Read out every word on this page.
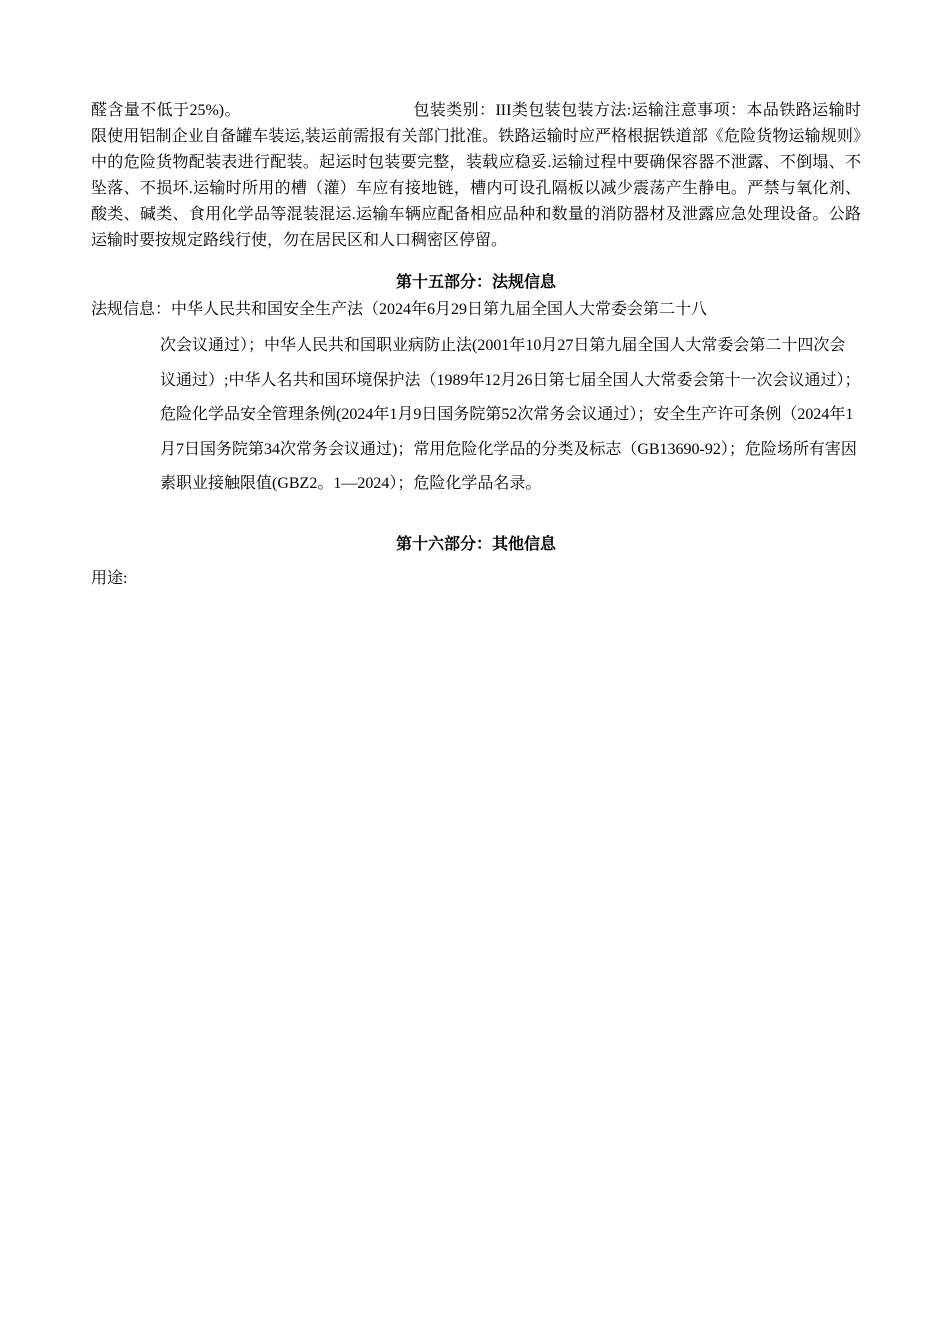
醛含量不低于25%)。	包装类别：III类包装包装方法:运输注意事项：本品铁路运输时限使用铝制企业自备罐车装运,装运前需报有关部门批准。铁路运输时应严格根据铁道部《危险货物运输规则》中的危险货物配装表进行配装。起运时包装要完整，装载应稳妥.运输过程中要确保容器不泄露、不倒塌、不坠落、不损坏.运输时所用的槽（灌）车应有接地链，槽内可设孔隔板以减少震荡产生静电。严禁与氧化剂、酸类、碱类、食用化学品等混装混运.运输车辆应配备相应品种和数量的消防器材及泄露应急处理设备。公路运输时要按规定路线行使，勿在居民区和人口稠密区停留。

第十五部分：法规信息

法规信息：中华人民共和国安全生产法（2024年6月29日第九届全国人大常委会第二十八

次会议通过）；中华人民共和国职业病防止法(2001年10月27日第九届全国人大常委会第二十四次会议通过）;中华人名共和国环境保护法（1989年12月26日第七届全国人大常委会第十一次会议通过）；危险化学品安全管理条例(2024年1月9日国务院第52次常务会议通过）；安全生产许可条例（2024年1月7日国务院第34次常务会议通过)；常用危险化学品的分类及标志（GB13690-92）；危险场所有害因素职业接触限值(GBZ2。1—2024）；危险化学品名录。

第十六部分：其他信息

用途:
